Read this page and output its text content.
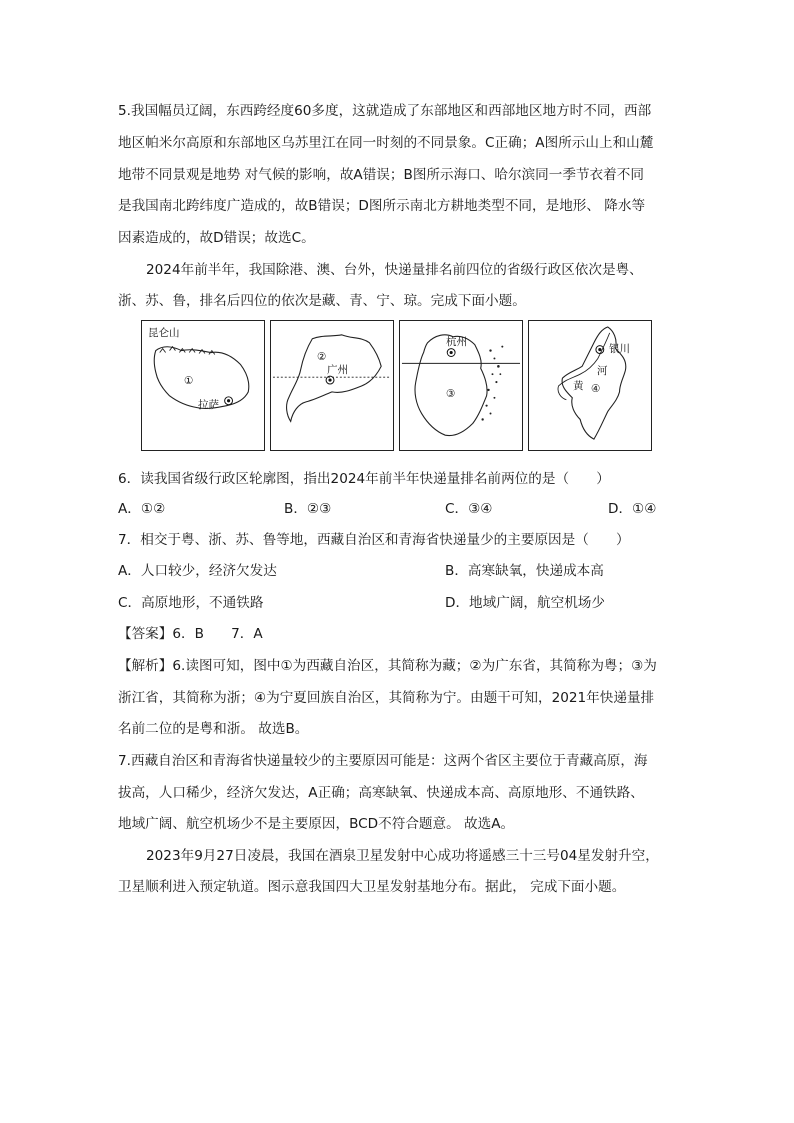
5.我国幅员辽阔，东西跨经度60多度，这就造成了东部地区和西部地区地方时不同，西部
地区帕米尔高原和东部地区乌苏里江在同一时刻的不同景象。C正确；A图所示山上和山麓
地带不同景观是地势 对气候的影响，故A错误；B图所示海口、哈尔滨同一季节衣着不同
是我国南北跨纬度广造成的，故B错误；D图所示南北方耕地类型不同，是地形、 降水等
因素造成的，故D错误；故选C。
2024年前半年，我国除港、澳、台外，快递量排名前四位的省级行政区依次是粤、
浙、苏、鲁，排名后四位的依次是藏、青、宁、琼。完成下面小题。
昆仑山
①
拉萨
②
广州
杭州
③
银川
河
黄 ④
6．读我国省级行政区轮廓图，指出2024年前半年快递量排名前两位的是（　　）
A．①②	B．②③	C．③④	D．①④
7．相交于粤、浙、苏、鲁等地，西藏自治区和青海省快递量少的主要原因是（　　）
A．人口较少，经济欠发达	B．高寒缺氧，快递成本高
C．高原地形，不通铁路	D．地域广阔，航空机场少
【答案】6．B　　7．A
【解析】6.读图可知，图中①为西藏自治区，其简称为藏；②为广东省，其简称为粤；③为
浙江省，其简称为浙；④为宁夏回族自治区，其简称为宁。由题干可知，2021年快递量排
名前二位的是粤和浙。 故选B。
7.西藏自治区和青海省快递量较少的主要原因可能是：这两个省区主要位于青藏高原，海
拔高，人口稀少，经济欠发达，A正确；高寒缺氧、快递成本高、高原地形、不通铁路、
地域广阔、航空机场少不是主要原因，BCD不符合题意。 故选A。
2023年9月27日凌晨，我国在酒泉卫星发射中心成功将遥感三十三号04星发射升空，
卫星顺利进入预定轨道。图示意我国四大卫星发射基地分布。据此， 完成下面小题。
